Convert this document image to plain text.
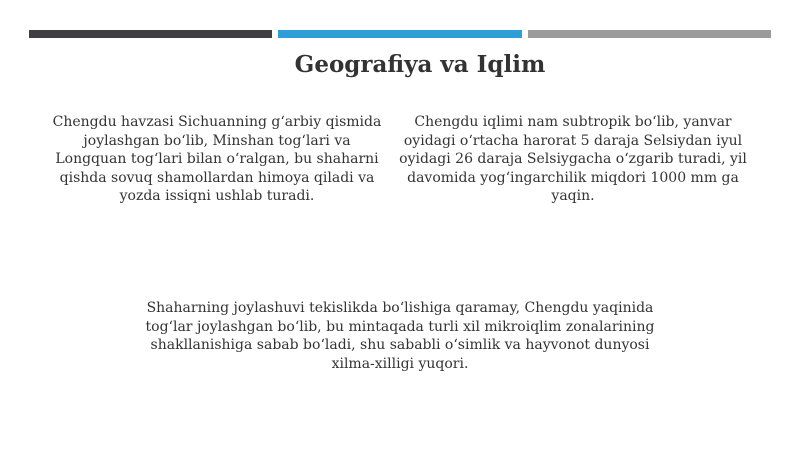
Geografiya va Iqlim
Chengdu havzasi Sichuanning gʻarbiy qismida joylashgan boʻlib, Minshan togʻlari va Longquan togʻlari bilan oʻralgan, bu shaharni qishda sovuq shamollardan himoya qiladi va yozda issiqni ushlab turadi.
Chengdu iqlimi nam subtropik boʻlib, yanvar oyidagi oʻrtacha harorat 5 daraja Selsiydan iyul oyidagi 26 daraja Selsiygacha oʻzgarib turadi, yil davomida yogʻingarchilik miqdori 1000 mm ga yaqin.
Shaharning joylashuvi tekislikda boʻlishiga qaramay, Chengdu yaqinida togʻlar joylashgan boʻlib, bu mintaqada turli xil mikroiqlim zonalarining shakllanishiga sabab boʻladi, shu sababli oʻsimlik va hayvonot dunyosi xilma-xilligi yuqori.
